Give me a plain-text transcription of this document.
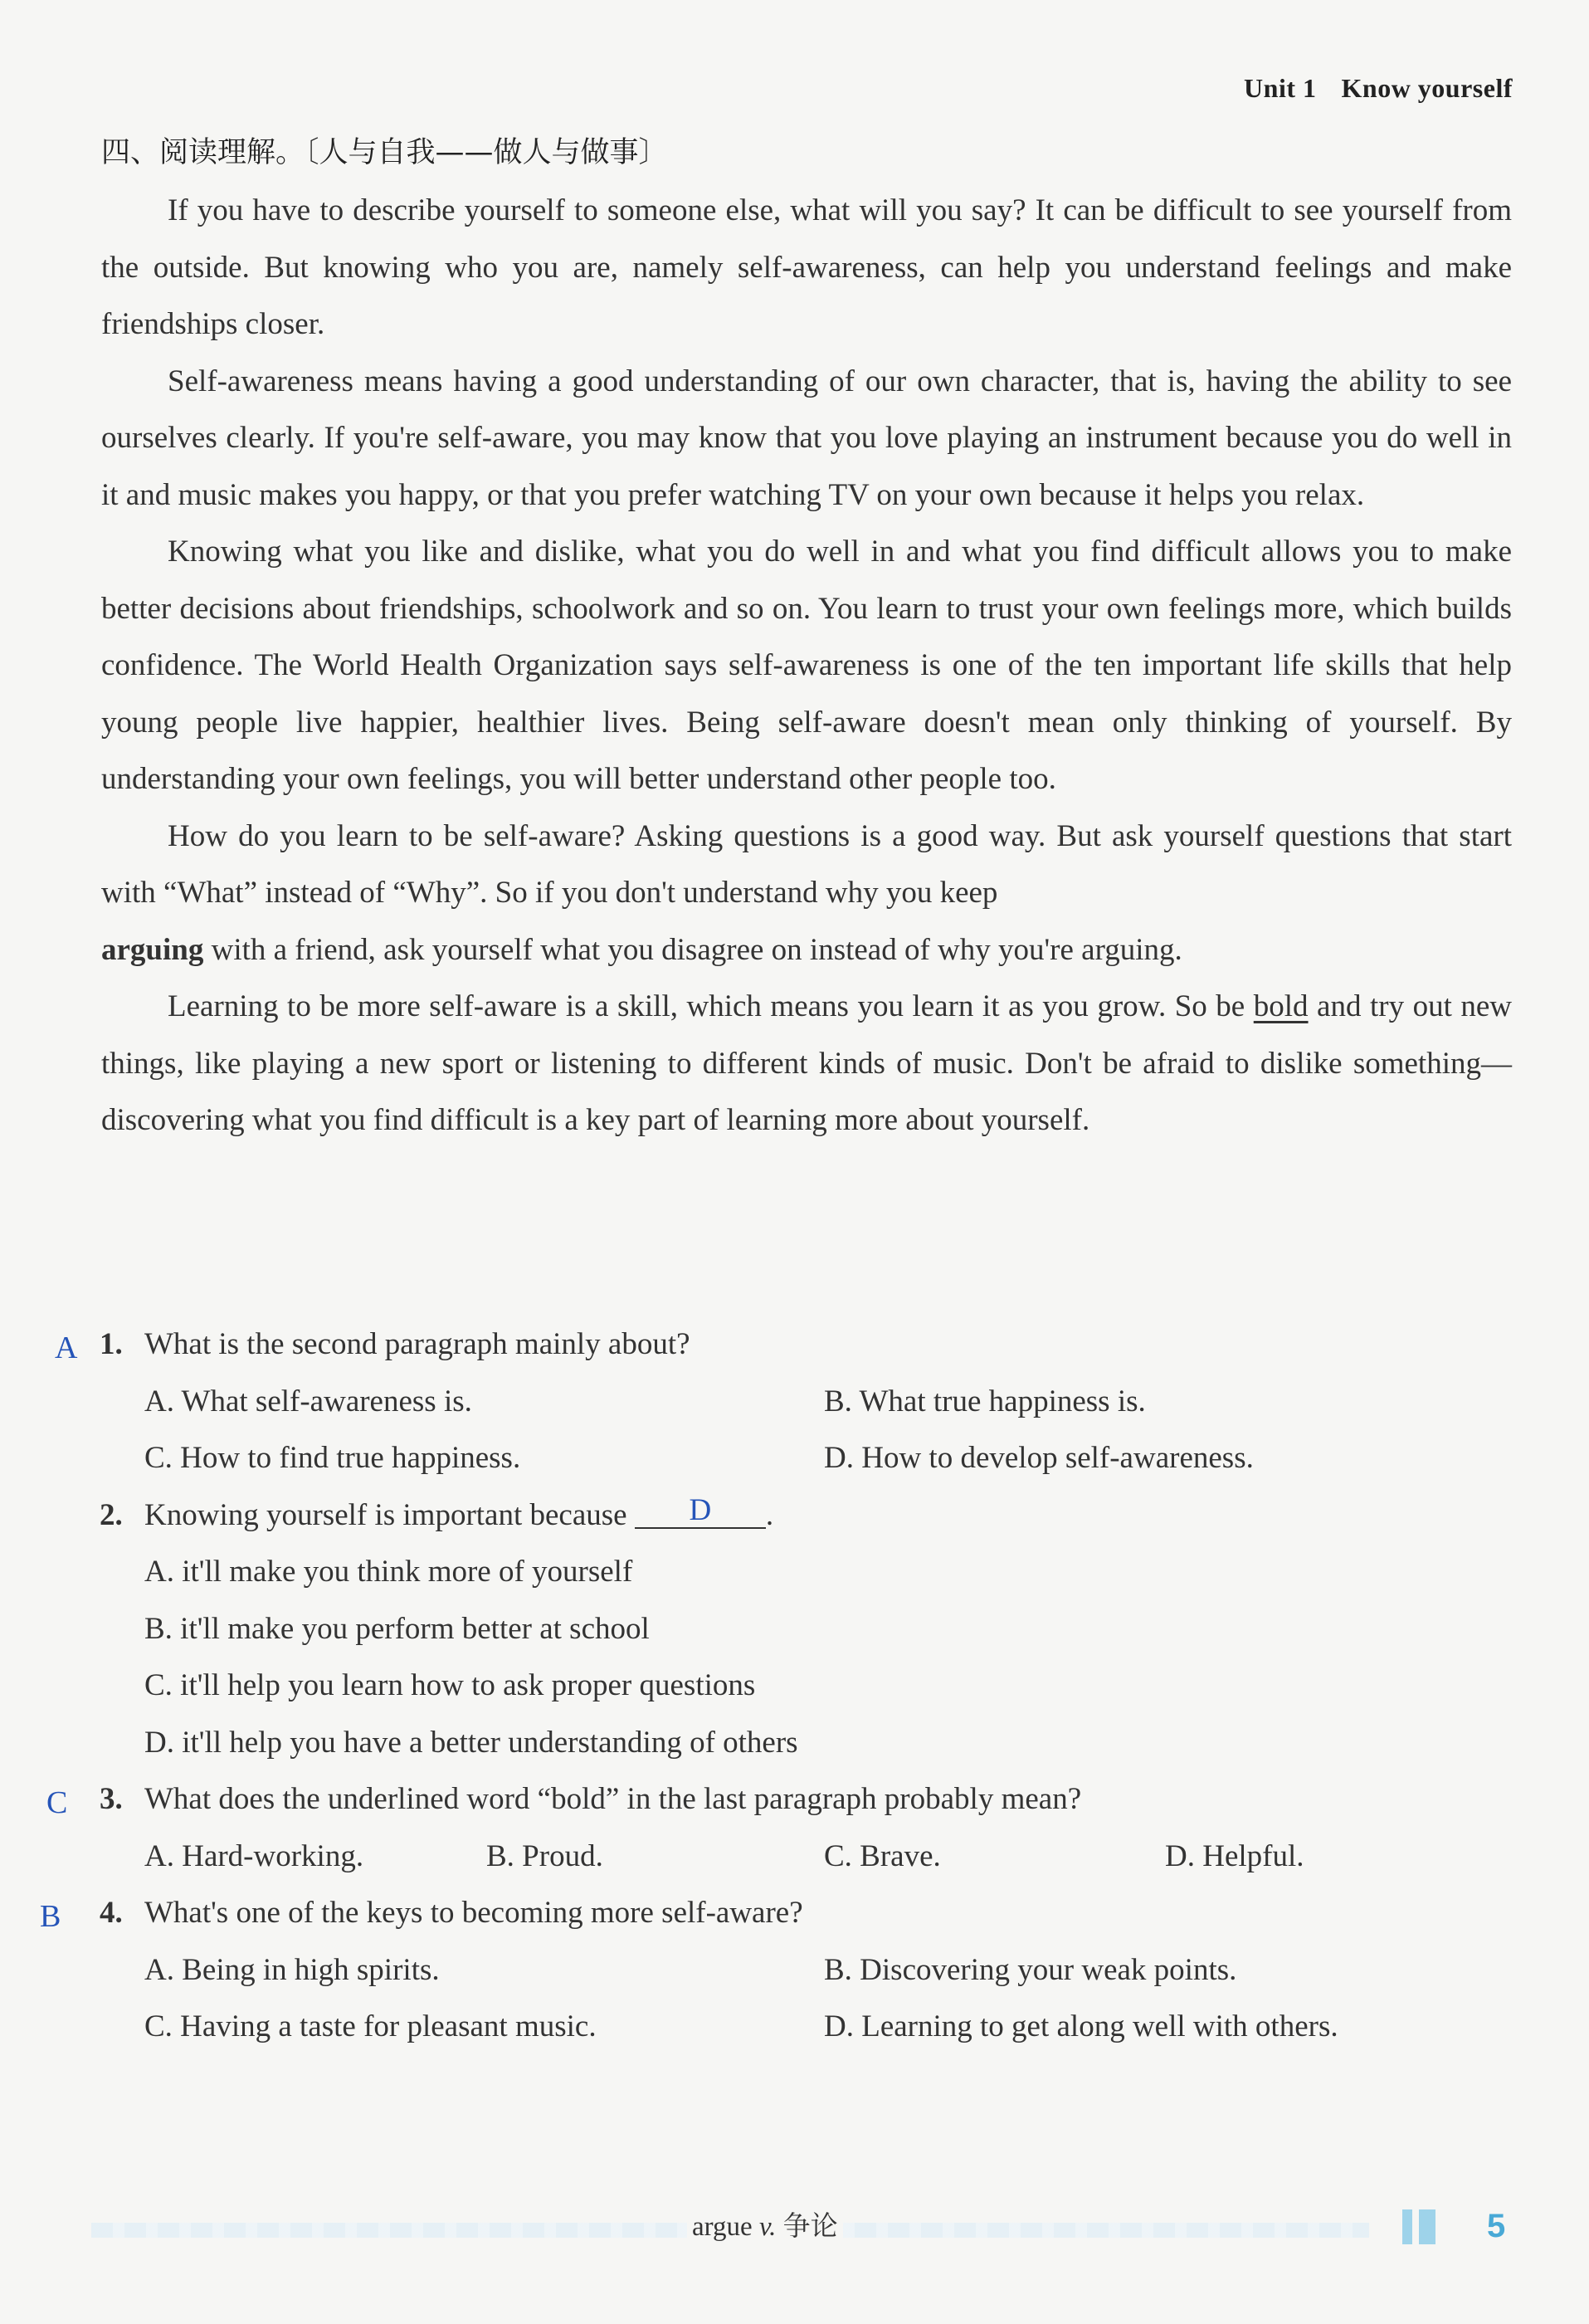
Unit 1 Know yourself
四、阅读理解。〔人与自我——做人与做事〕

If you have to describe yourself to someone else, what will you say? It can be difficult to see yourself from the outside. But knowing who you are, namely self-awareness, can help you understand feelings and make friendships closer.

Self-awareness means having a good understanding of our own character, that is, having the ability to see ourselves clearly. If you're self-aware, you may know that you love playing an instrument because you do well in it and music makes you happy, or that you prefer watching TV on your own because it helps you relax.

Knowing what you like and dislike, what you do well in and what you find difficult allows you to make better decisions about friendships, schoolwork and so on. You learn to trust your own feelings more, which builds confidence. The World Health Organization says self-awareness is one of the ten important life skills that help young people live happier, healthier lives. Being self-aware doesn't mean only thinking of yourself. By understanding your own feelings, you will better understand other people too.

How do you learn to be self-aware? Asking questions is a good way. But ask yourself questions that start with “What” instead of “Why”. So if you don't understand why you keep
arguing with a friend, ask yourself what you disagree on instead of why you're arguing.

Learning to be more self-aware is a skill, which means you learn it as you grow. So be bold and try out new things, like playing a new sport or listening to different kinds of music. Don't be afraid to dislike something—discovering what you find difficult is a key part of learning more about yourself.

A 1. What is the second paragraph mainly about?
A. What self-awareness is.	B. What true happiness is.
C. How to find true happiness.	D. How to develop self-awareness.
2. Knowing yourself is important because D .
A. it'll make you think more of yourself
B. it'll make you perform better at school
C. it'll help you learn how to ask proper questions
D. it'll help you have a better understanding of others
C 3. What does the underlined word “bold” in the last paragraph probably mean?
A. Hard-working.	B. Proud.	C. Brave.	D. Helpful.
B 4. What's one of the keys to becoming more self-aware?
A. Being in high spirits.	B. Discovering your weak points.
C. Having a taste for pleasant music.	D. Learning to get along well with others.
argue v. 争论	5
